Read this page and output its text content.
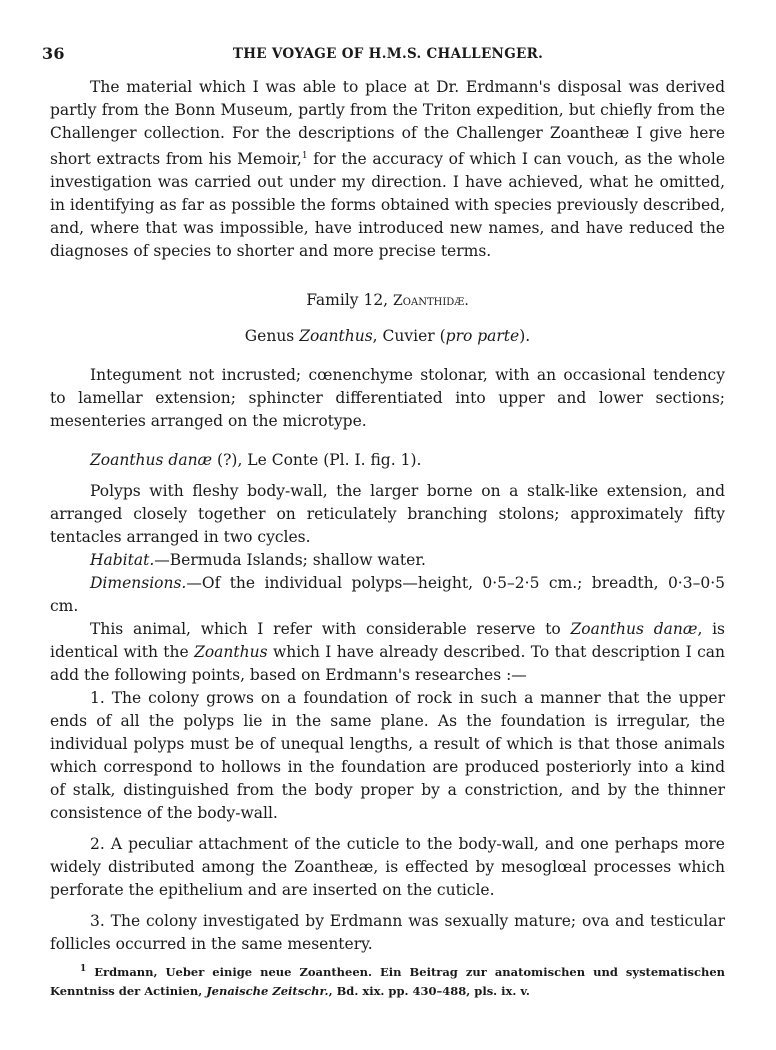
36	THE VOYAGE OF H.M.S. CHALLENGER.

The material which I was able to place at Dr. Erdmann's disposal was derived partly from the Bonn Museum, partly from the Triton expedition, but chiefly from the Challenger collection. For the descriptions of the Challenger Zoantheæ I give here short extracts from his Memoir,$^1$ for the accuracy of which I can vouch, as the whole investigation was carried out under my direction. I have achieved, what he omitted, in identifying as far as possible the forms obtained with species previously described, and, where that was impossible, have introduced new names, and have reduced the diagnoses of species to shorter and more precise terms.

Family 12, Zoanthidæ.

Genus Zoanthus, Cuvier (pro parte).

Integument not incrusted; cœnenchyme stolonar, with an occasional tendency to lamellar extension; sphincter differentiated into upper and lower sections; mesenteries arranged on the microtype.

Zoanthus danæ (?), Le Conte (Pl. I. fig. 1).

Polyps with fleshy body-wall, the larger borne on a stalk-like extension, and arranged closely together on reticulately branching stolons; approximately fifty tentacles arranged in two cycles.

Habitat.—Bermuda Islands; shallow water.

Dimensions.—Of the individual polyps—height, 0·5–2·5 cm.; breadth, 0·3–0·5 cm.

This animal, which I refer with considerable reserve to Zoanthus danæ, is identical with the Zoanthus which I have already described. To that description I can add the following points, based on Erdmann's researches :—

1. The colony grows on a foundation of rock in such a manner that the upper ends of all the polyps lie in the same plane. As the foundation is irregular, the individual polyps must be of unequal lengths, a result of which is that those animals which correspond to hollows in the foundation are produced posteriorly into a kind of stalk, distinguished from the body proper by a constriction, and by the thinner consistence of the body-wall.

2. A peculiar attachment of the cuticle to the body-wall, and one perhaps more widely distributed among the Zoantheæ, is effected by mesoglœal processes which perforate the epithelium and are inserted on the cuticle.

3. The colony investigated by Erdmann was sexually mature; ova and testicular follicles occurred in the same mesentery.

$^1$ Erdmann, Ueber einige neue Zoantheen. Ein Beitrag zur anatomischen und systematischen Kenntniss der Actinien, Jenaische Zeitschr., Bd. xix. pp. 430–488, pls. ix. v.
